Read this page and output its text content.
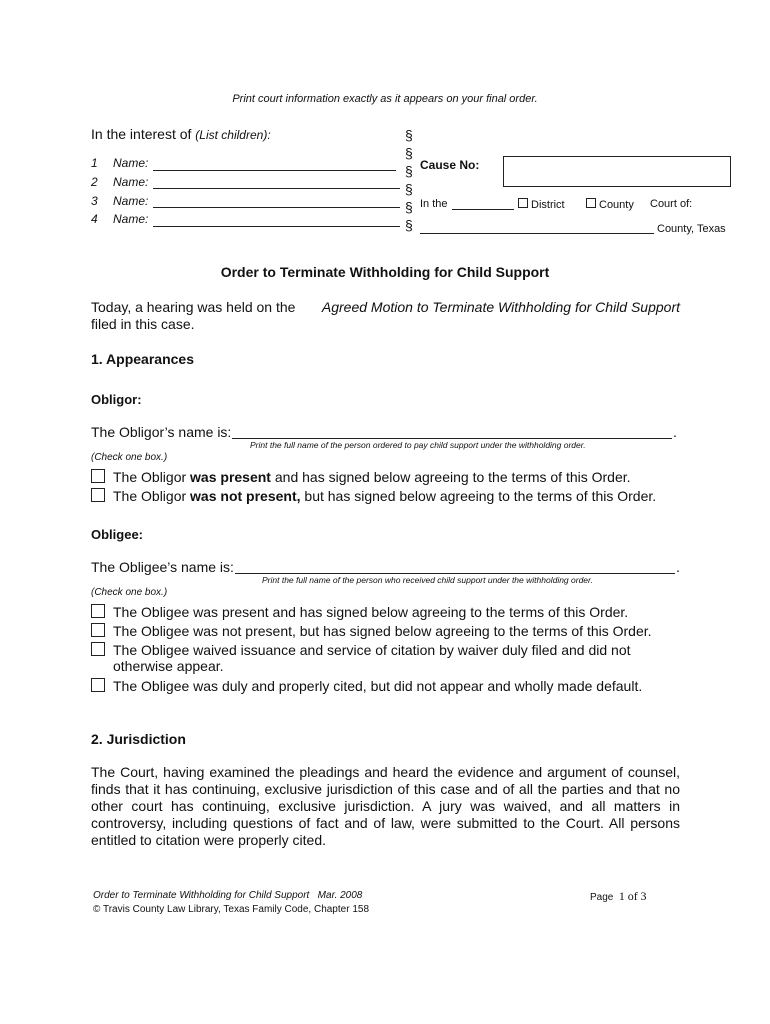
Print court information exactly as it appears on your final order.
In the interest of (List children):
1 Name:
2 Name:
3 Name:
4 Name:
§
§
§
§
§
§
Cause No:
In the	District	County Court of:
County, Texas
Order to Terminate Withholding for Child Support
Today, a hearing was held on the Agreed Motion to Terminate Withholding for Child Support
filed in this case.
1. Appearances
Obligor:
The Obligor’s name is:	.
Print the full name of the person ordered to pay child support under the withholding order.
(Check one box.)
The Obligor was present and has signed below agreeing to the terms of this Order.
The Obligor was not present, but has signed below agreeing to the terms of this Order.
Obligee:
The Obligee’s name is:	.
Print the full name of the person who received child support under the withholding order.
(Check one box.)
The Obligee was present and has signed below agreeing to the terms of this Order.
The Obligee was not present, but has signed below agreeing to the terms of this Order.
The Obligee waived issuance and service of citation by waiver duly filed and did not
otherwise appear.
The Obligee was duly and properly cited, but did not appear and wholly made default.
2. Jurisdiction
The Court, having examined the pleadings and heard the evidence and argument of counsel, finds that it has continuing, exclusive jurisdiction of this case and of all the parties and that no other court has continuing, exclusive jurisdiction. A jury was waived, and all matters in controversy, including questions of fact and of law, were submitted to the Court. All persons entitled to citation were properly cited.
Order to Terminate Withholding for Child Support Mar. 2008
© Travis County Law Library, Texas Family Code, Chapter 158
Page 1 of 3
